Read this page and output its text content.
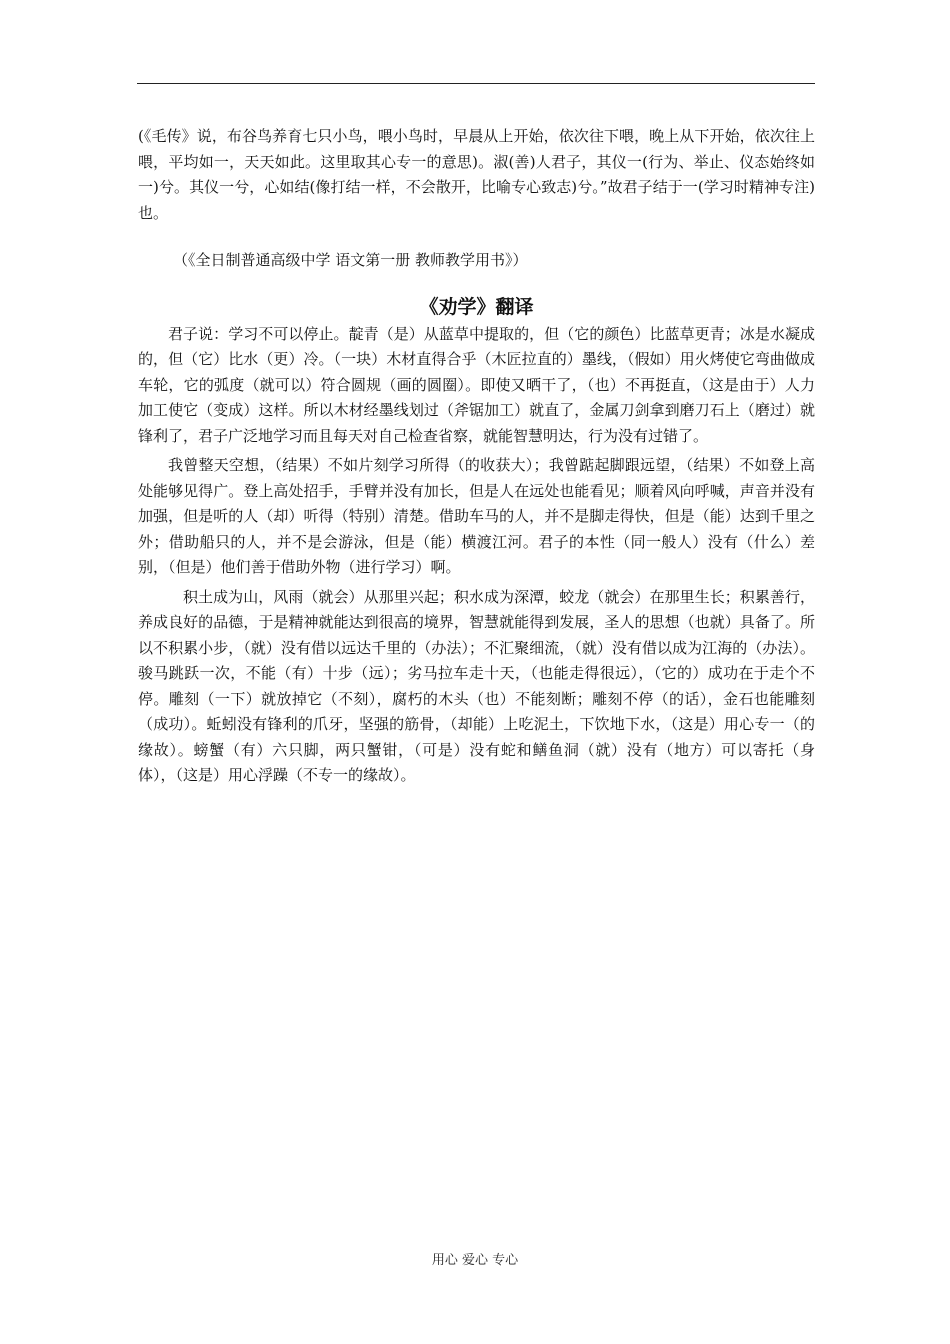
(《毛传》说，布谷鸟养育七只小鸟，喂小鸟时，早晨从上开始，依次往下喂，晚上从下开始，依次往上喂，平均如一，天天如此。这里取其心专一的意思)。淑(善)人君子，其仪一(行为、举止、仪态始终如一)兮。其仪一兮，心如结(像打结一样，不会散开，比喻专心致志)兮。”故君子结于一(学习时精神专注)也。

（《全日制普通高级中学 语文第一册 教师教学用书》）

《劝学》翻译

君子说：学习不可以停止。靛青（是）从蓝草中提取的，但（它的颜色）比蓝草更青；冰是水凝成的，但（它）比水（更）冷。（一块）木材直得合乎（木匠拉直的）墨线，（假如）用火烤使它弯曲做成车轮，它的弧度（就可以）符合圆规（画的圆圈）。即使又晒干了，（也）不再挺直，（这是由于）人力加工使它（变成）这样。所以木材经墨线划过（斧锯加工）就直了，金属刀剑拿到磨刀石上（磨过）就锋利了，君子广泛地学习而且每天对自己检查省察，就能智慧明达，行为没有过错了。

我曾整天空想，（结果）不如片刻学习所得（的收获大）；我曾踮起脚跟远望，（结果）不如登上高处能够见得广。登上高处招手，手臂并没有加长，但是人在远处也能看见；顺着风向呼喊，声音并没有加强，但是听的人（却）听得（特别）清楚。借助车马的人，并不是脚走得快，但是（能）达到千里之外；借助船只的人，并不是会游泳，但是（能）横渡江河。君子的本性（同一般人）没有（什么）差别，（但是）他们善于借助外物（进行学习）啊。

积土成为山，风雨（就会）从那里兴起；积水成为深潭，蛟龙（就会）在那里生长；积累善行，养成良好的品德，于是精神就能达到很高的境界，智慧就能得到发展，圣人的思想（也就）具备了。所以不积累小步，（就）没有借以远达千里的（办法）；不汇聚细流，（就）没有借以成为江海的（办法）。骏马跳跃一次，不能（有）十步（远）；劣马拉车走十天，（也能走得很远），（它的）成功在于走个不停。雕刻（一下）就放掉它（不刻），腐朽的木头（也）不能刻断；雕刻不停（的话），金石也能雕刻（成功）。蚯蚓没有锋利的爪牙，坚强的筋骨，（却能）上吃泥土，下饮地下水，（这是）用心专一（的缘故）。螃蟹（有）六只脚，两只蟹钳，（可是）没有蛇和鳝鱼洞（就）没有（地方）可以寄托（身体），（这是）用心浮躁（不专一的缘故）。

用心 爱心 专心
